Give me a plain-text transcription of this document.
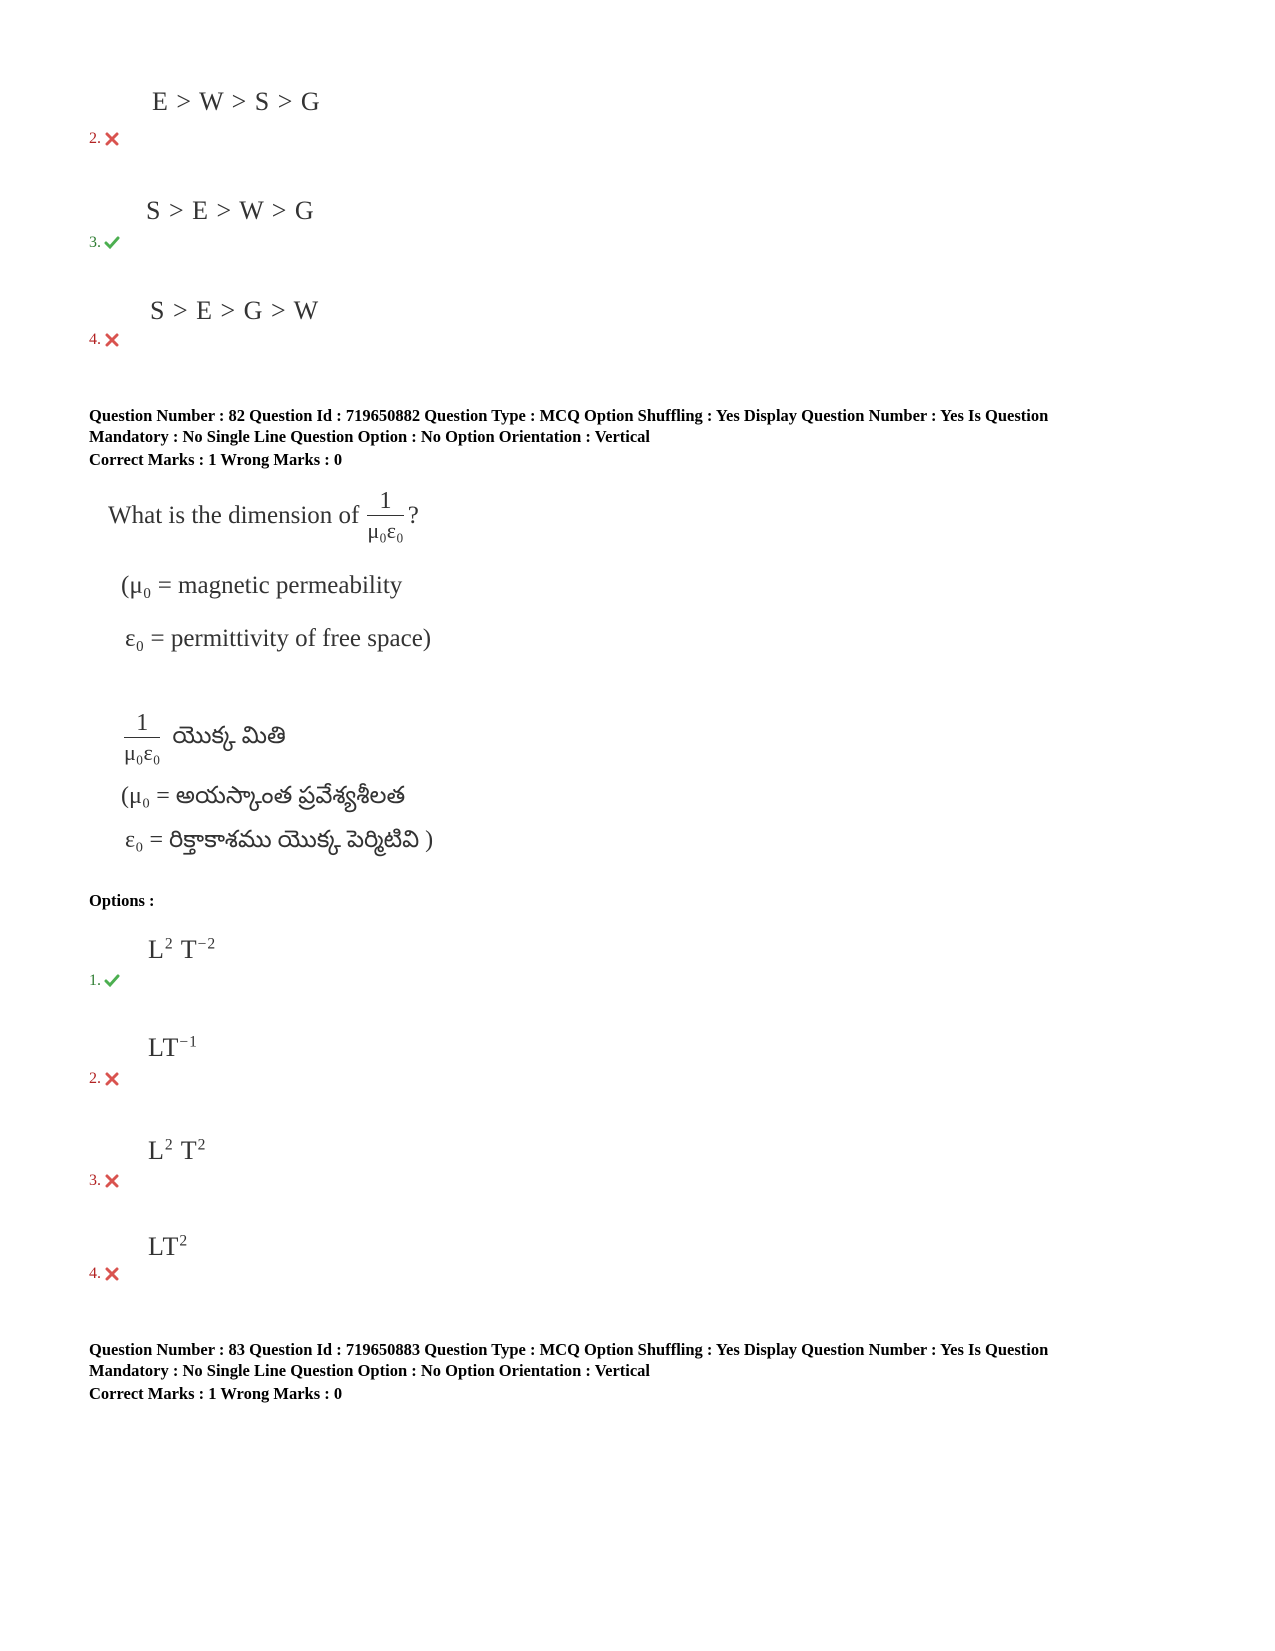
E > W > S > G
2.
S > E > W > G
3.
S > E > G > W
4.
Question Number : 82 Question Id : 719650882 Question Type : MCQ Option Shuffling : Yes Display Question Number : Yes Is Question
Mandatory : No Single Line Question Option : No Option Orientation : Vertical
Correct Marks : 1 Wrong Marks : 0
What is the dimension of $\frac{1}{\text{μ₀ε₀}}$ ?
(μ₀ = magnetic permeability
ε₀ = permittivity of free space)
$\frac{1}{\text{μ₀ε₀}}$ యొక్క మితి
(μ₀ = అయస్కాంత ప్రవేశ్యశీలత
ε₀ = రిక్తాకాశము యొక్క పెర్మిటివి )
Options :
$L^2$ $T^{-2}$
1.
$LT^{-1}$
2.
$L^2$ $T^2$
3.
$LT^2$
4.
Question Number : 83 Question Id : 719650883 Question Type : MCQ Option Shuffling : Yes Display Question Number : Yes Is Question
Mandatory : No Single Line Question Option : No Option Orientation : Vertical
Correct Marks : 1 Wrong Marks : 0
